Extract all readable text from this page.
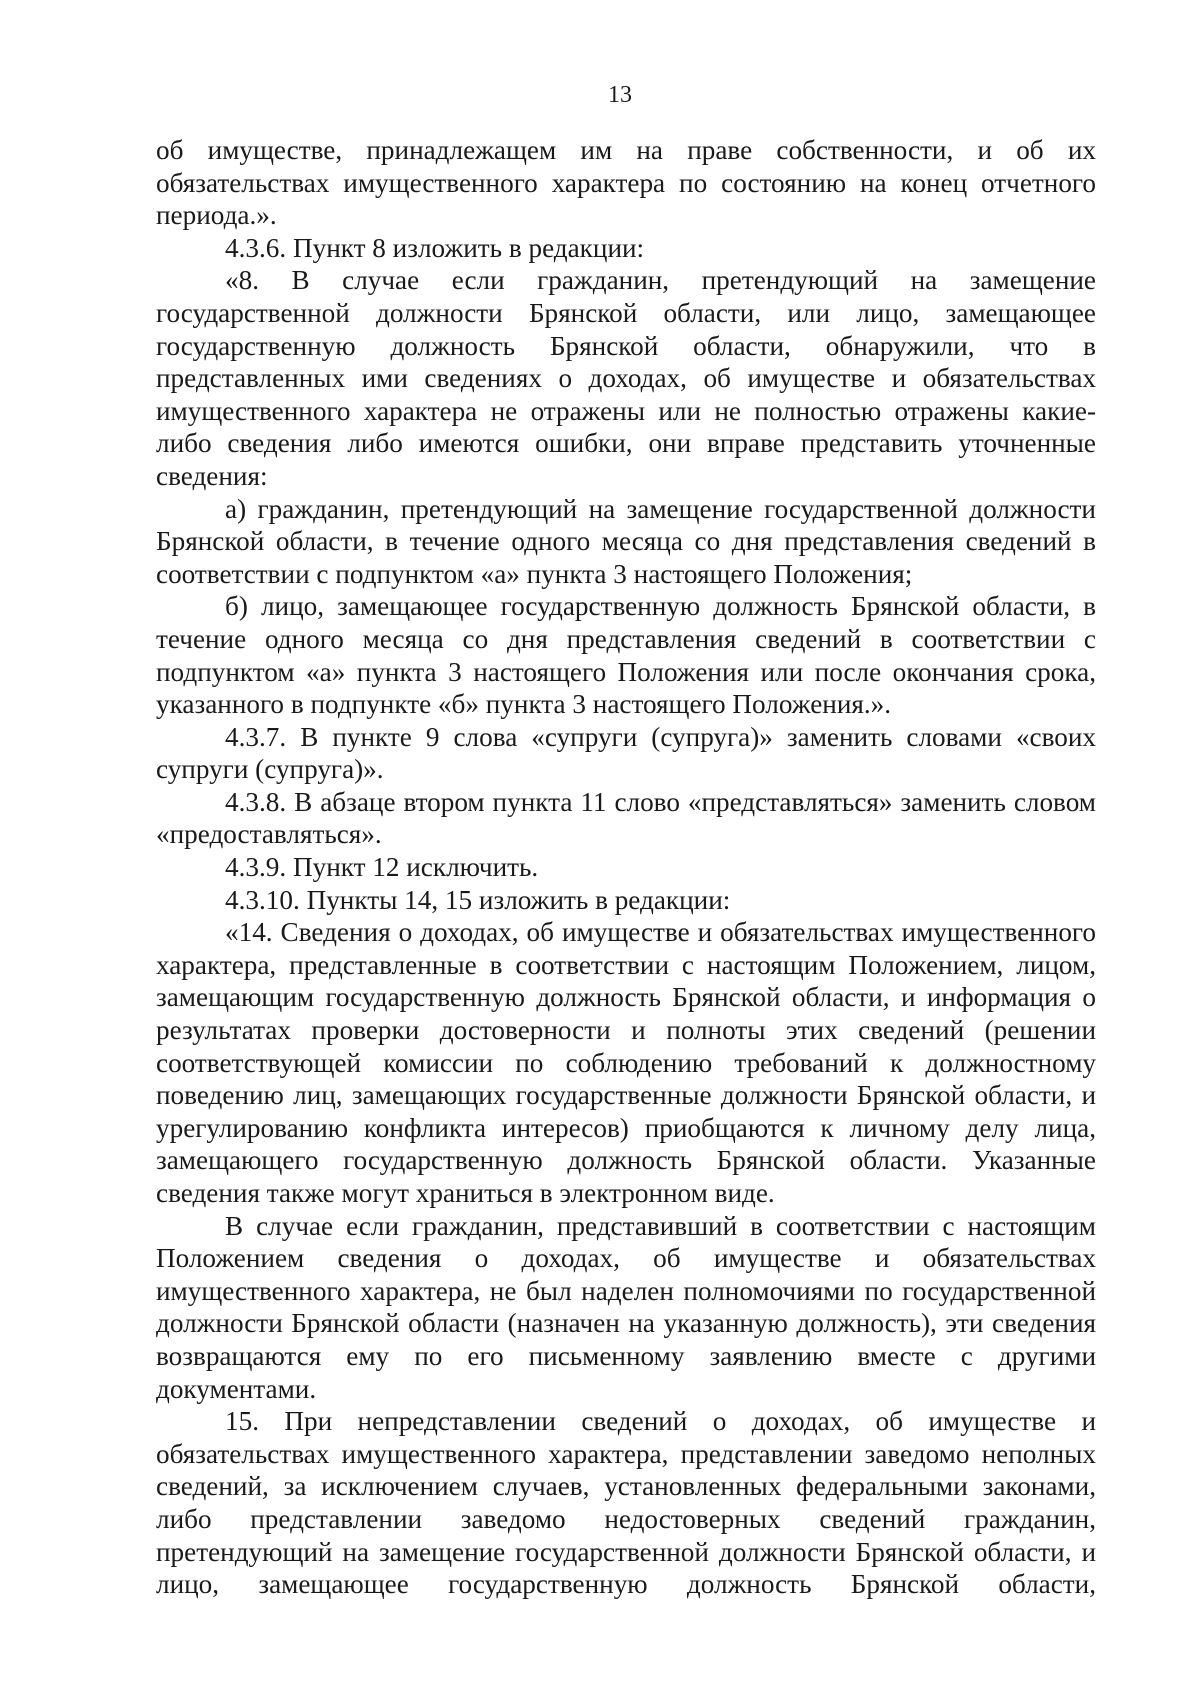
13

об имуществе, принадлежащем им на праве собственности, и об их обязательствах имущественного характера по состоянию на конец отчетного периода.».

4.3.6. Пункт 8 изложить в редакции:

«8. В случае если гражданин, претендующий на замещение государственной должности Брянской области, или лицо, замещающее государственную должность Брянской области, обнаружили, что в представленных ими сведениях о доходах, об имуществе и обязательствах имущественного характера не отражены или не полностью отражены какие-либо сведения либо имеются ошибки, они вправе представить уточненные сведения:

а) гражданин, претендующий на замещение государственной должности Брянской области, в течение одного месяца со дня представления сведений в соответствии с подпунктом «а» пункта 3 настоящего Положения;

б) лицо, замещающее государственную должность Брянской области, в течение одного месяца со дня представления сведений в соответствии с подпунктом «а» пункта 3 настоящего Положения или после окончания срока, указанного в подпункте «б» пункта 3 настоящего Положения.».

4.3.7. В пункте 9 слова «супруги (супруга)» заменить словами «своих супруги (супруга)».

4.3.8. В абзаце втором пункта 11 слово «представляться» заменить словом «предоставляться».

4.3.9. Пункт 12 исключить.

4.3.10. Пункты 14, 15 изложить в редакции:

«14. Сведения о доходах, об имуществе и обязательствах имущественного характера, представленные в соответствии с настоящим Положением, лицом, замещающим государственную должность Брянской области, и информация о результатах проверки достоверности и полноты этих сведений (решении соответствующей комиссии по соблюдению требований к должностному поведению лиц, замещающих государственные должности Брянской области, и урегулированию конфликта интересов) приобщаются к личному делу лица, замещающего государственную должность Брянской области. Указанные сведения также могут храниться в электронном виде.

В случае если гражданин, представивший в соответствии с настоящим Положением сведения о доходах, об имуществе и обязательствах имущественного характера, не был наделен полномочиями по государственной должности Брянской области (назначен на указанную должность), эти сведения возвращаются ему по его письменному заявлению вместе с другими документами.

15. При непредставлении сведений о доходах, об имуществе и обязательствах имущественного характера, представлении заведомо неполных сведений, за исключением случаев, установленных федеральными законами, либо представлении заведомо недостоверных сведений гражданин, претендующий на замещение государственной должности Брянской области, и лицо, замещающее государственную должность Брянской области,
